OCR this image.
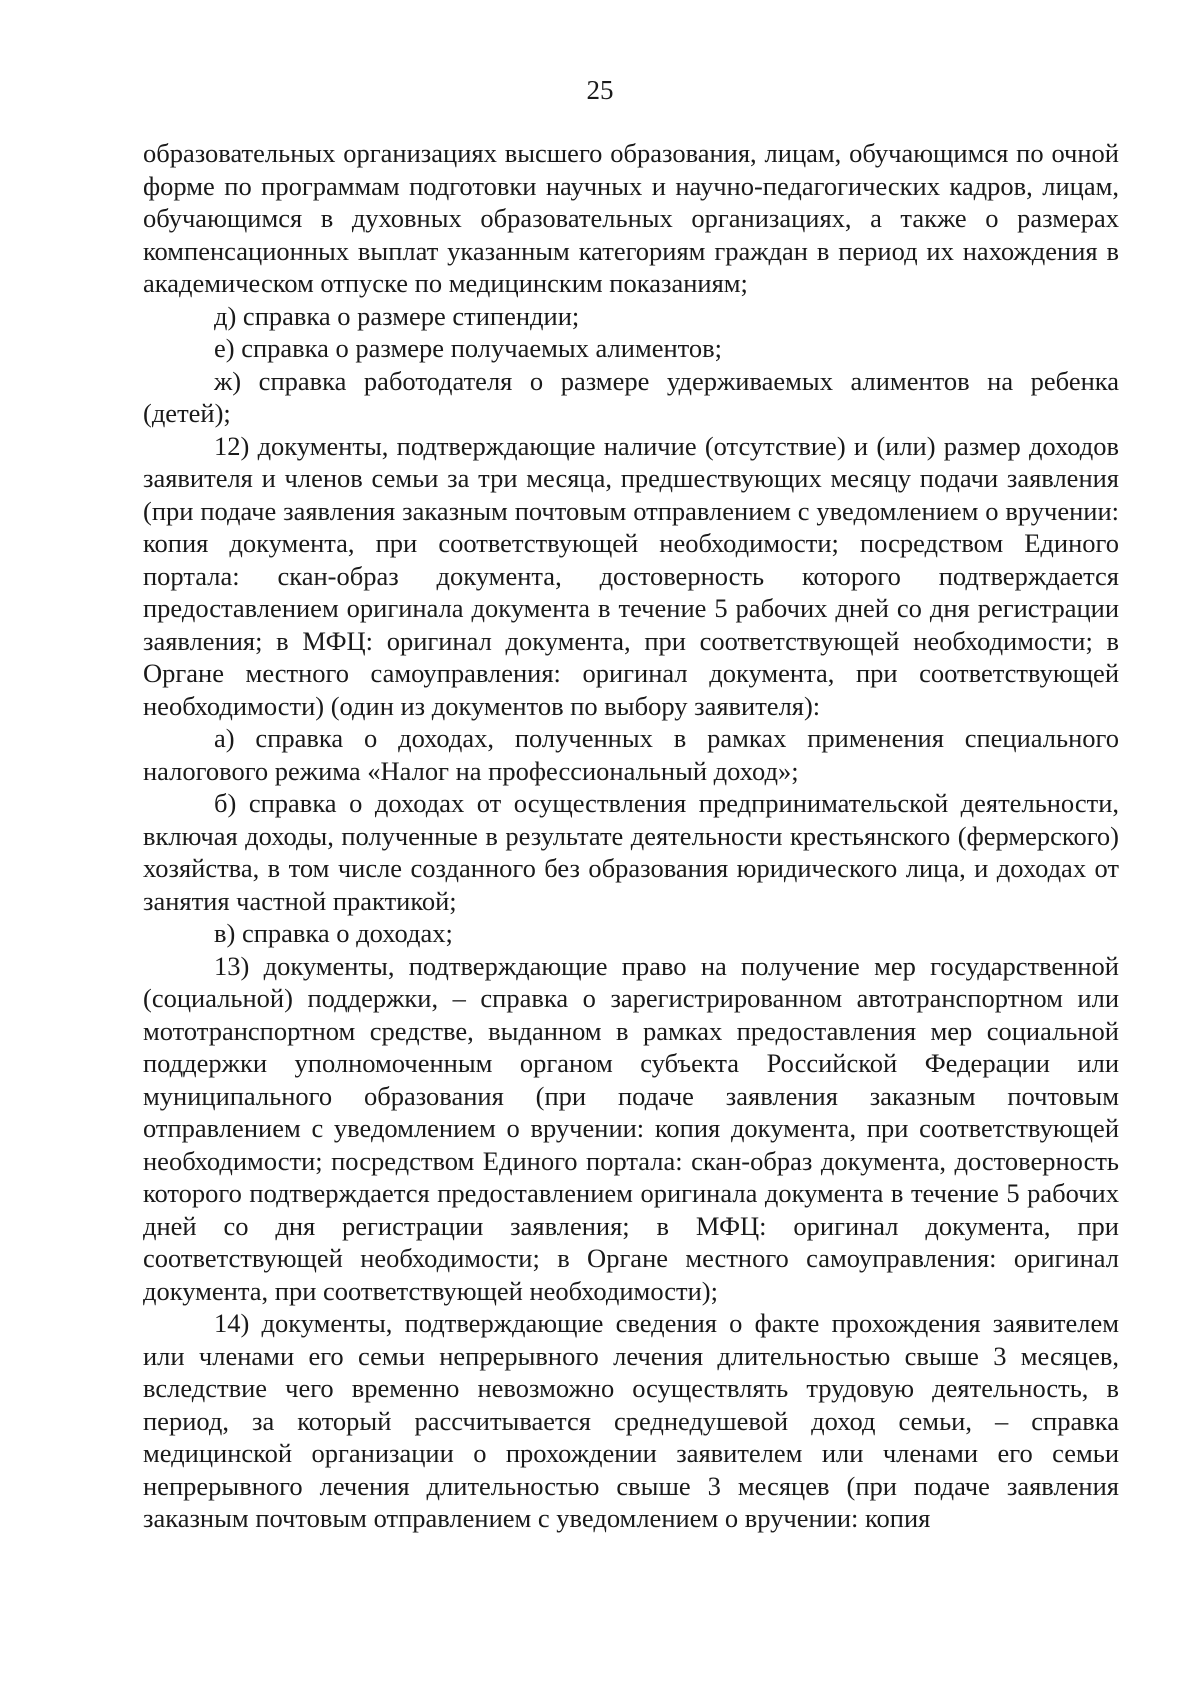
25

образовательных организациях высшего образования, лицам, обучающимся по очной форме по программам подготовки научных и научно-педагогических кадров, лицам, обучающимся в духовных образовательных организациях, а также о размерах компенсационных выплат указанным категориям граждан в период их нахождения в академическом отпуске по медицинским показаниям;

д) справка о размере стипендии;

е) справка о размере получаемых алиментов;

ж) справка работодателя о размере удерживаемых алиментов на ребенка (детей);

12) документы, подтверждающие наличие (отсутствие) и (или) размер доходов заявителя и членов семьи за три месяца, предшествующих месяцу подачи заявления (при подаче заявления заказным почтовым отправлением с уведомлением о вручении: копия документа, при соответствующей необходимости; посредством Единого портала: скан-образ документа, достоверность которого подтверждается предоставлением оригинала документа в течение 5 рабочих дней со дня регистрации заявления; в МФЦ: оригинал документа, при соответствующей необходимости; в Органе местного самоуправления: оригинал документа, при соответствующей необходимости) (один из документов по выбору заявителя):

а) справка о доходах, полученных в рамках применения специального налогового режима «Налог на профессиональный доход»;

б) справка о доходах от осуществления предпринимательской деятельности, включая доходы, полученные в результате деятельности крестьянского (фермерского) хозяйства, в том числе созданного без образования юридического лица, и доходах от занятия частной практикой;

в) справка о доходах;

13) документы, подтверждающие право на получение мер государственной (социальной) поддержки, – справка о зарегистрированном автотранспортном или мототранспортном средстве, выданном в рамках предоставления мер социальной поддержки уполномоченным органом субъекта Российской Федерации или муниципального образования (при подаче заявления заказным почтовым отправлением с уведомлением о вручении: копия документа, при соответствующей необходимости; посредством Единого портала: скан-образ документа, достоверность которого подтверждается предоставлением оригинала документа в течение 5 рабочих дней со дня регистрации заявления; в МФЦ: оригинал документа, при соответствующей необходимости; в Органе местного самоуправления: оригинал документа, при соответствующей необходимости);

14) документы, подтверждающие сведения о факте прохождения заявителем или членами его семьи непрерывного лечения длительностью свыше 3 месяцев, вследствие чего временно невозможно осуществлять трудовую деятельность, в период, за который рассчитывается среднедушевой доход семьи, – справка медицинской организации о прохождении заявителем или членами его семьи непрерывного лечения длительностью свыше 3 месяцев (при подаче заявления заказным почтовым отправлением с уведомлением о вручении: копия
